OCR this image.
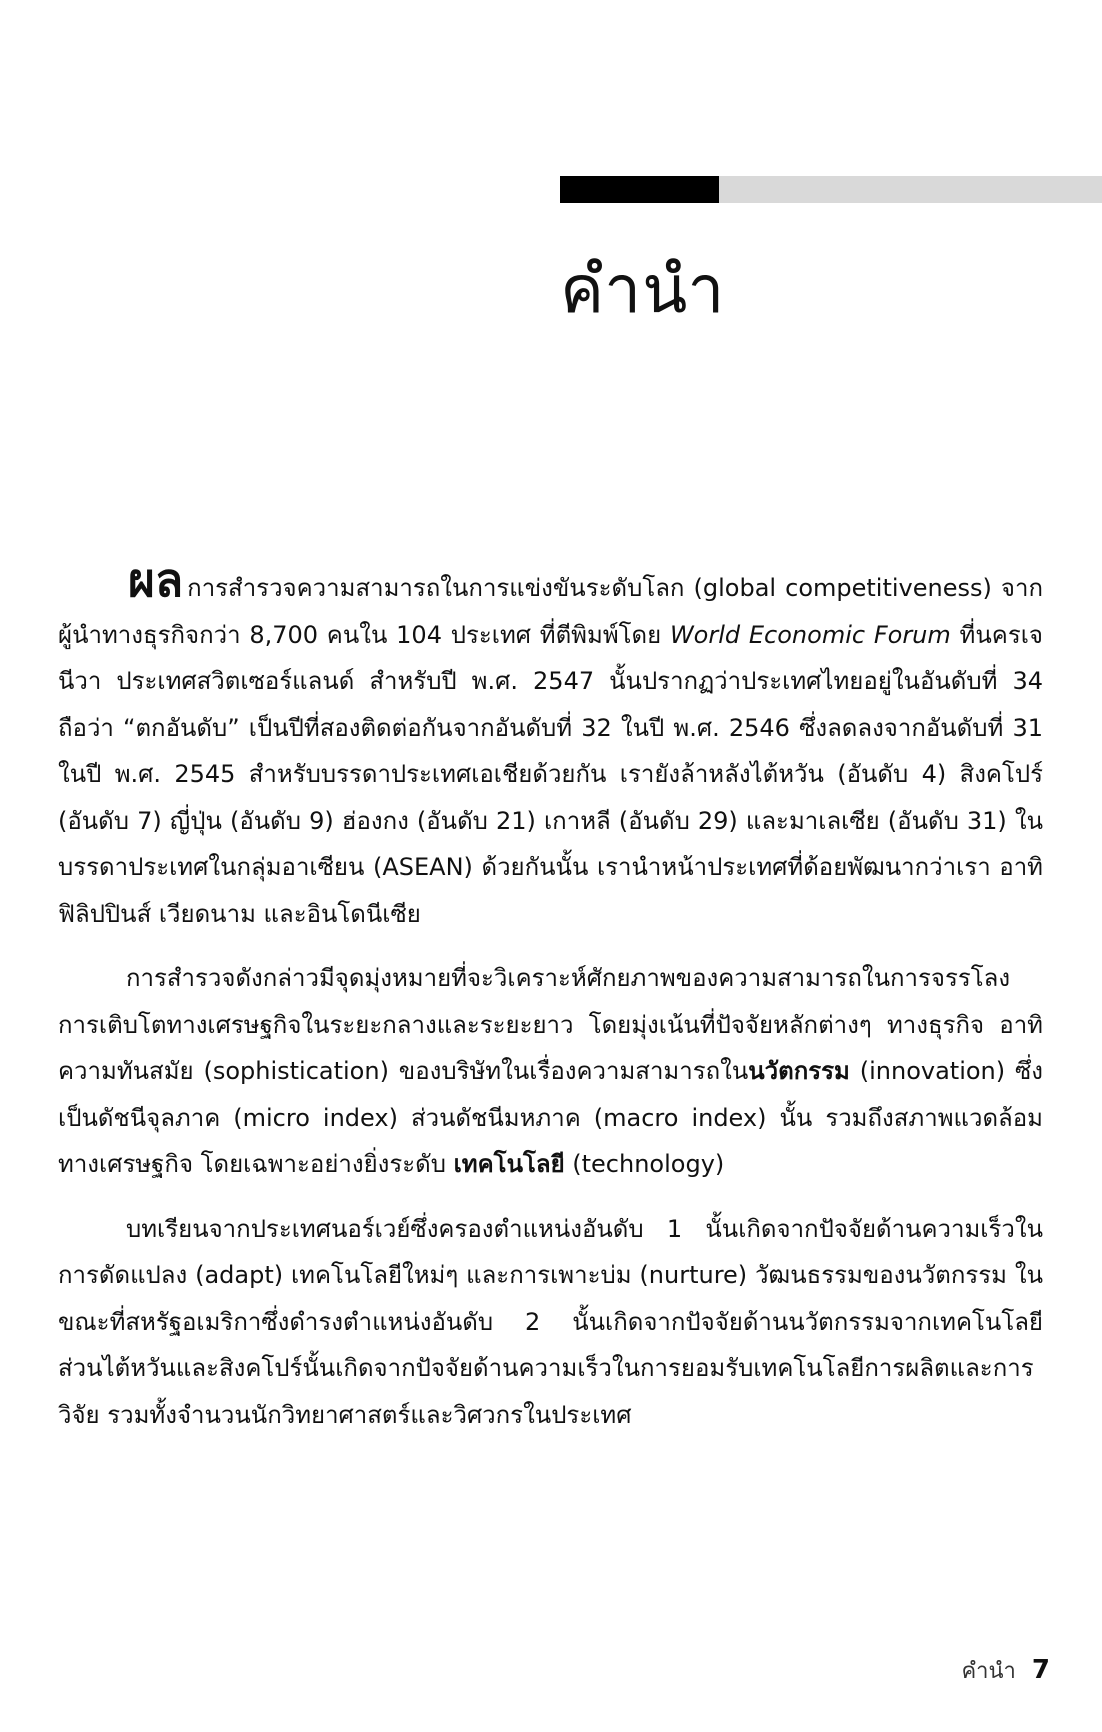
คำนำ

ผล การสำรวจความสามารถในการแข่งขันระดับโลก (global competitiveness) จากผู้นำทางธุรกิจกว่า 8,700 คนใน 104 ประเทศ ที่ตีพิมพ์โดย World Economic Forum ที่นครเจนีวา ประเทศสวิตเซอร์แลนด์ สำหรับปี พ.ศ. 2547 นั้นปรากฏว่าประเทศไทยอยู่ในอันดับที่ 34 ถือว่า “ตกอันดับ” เป็นปีที่สองติดต่อกันจากอันดับที่ 32 ในปี พ.ศ. 2546 ซึ่งลดลงจากอันดับที่ 31 ในปี พ.ศ. 2545 สำหรับบรรดาประเทศเอเชียด้วยกัน เรายังล้าหลังไต้หวัน (อันดับ 4) สิงคโปร์ (อันดับ 7) ญี่ปุ่น (อันดับ 9) ฮ่องกง (อันดับ 21) เกาหลี (อันดับ 29) และมาเลเซีย (อันดับ 31) ในบรรดาประเทศในกลุ่มอาเซียน (ASEAN) ด้วยกันนั้น เรานำหน้าประเทศที่ด้อยพัฒนากว่าเรา อาทิ ฟิลิปปินส์ เวียดนาม และอินโดนีเซีย

การสำรวจดังกล่าวมีจุดมุ่งหมายที่จะวิเคราะห์ศักยภาพของความสามารถในการจรรโลงการเติบโตทางเศรษฐกิจในระยะกลางและระยะยาว โดยมุ่งเน้นที่ปัจจัยหลักต่างๆ ทางธุรกิจ อาทิ ความทันสมัย (sophistication) ของบริษัทในเรื่องความสามารถในนวัตกรรม (innovation) ซึ่งเป็นดัชนีจุลภาค (micro index) ส่วนดัชนีมหภาค (macro index) นั้น รวมถึงสภาพแวดล้อมทางเศรษฐกิจ โดยเฉพาะอย่างยิ่งระดับ เทคโนโลยี (technology)

บทเรียนจากประเทศนอร์เวย์ซึ่งครองตำแหน่งอันดับ 1 นั้นเกิดจากปัจจัยด้านความเร็วในการดัดแปลง (adapt) เทคโนโลยีใหม่ๆ และการเพาะบ่ม (nurture) วัฒนธรรมของนวัตกรรม ในขณะที่สหรัฐอเมริกาซึ่งดำรงตำแหน่งอันดับ 2 นั้นเกิดจากปัจจัยด้านนวัตกรรมจากเทคโนโลยี ส่วนไต้หวันและสิงคโปร์นั้นเกิดจากปัจจัยด้านความเร็วในการยอมรับเทคโนโลยีการผลิตและการวิจัย รวมทั้งจำนวนนักวิทยาศาสตร์และวิศวกรในประเทศ

คำนำ 7
